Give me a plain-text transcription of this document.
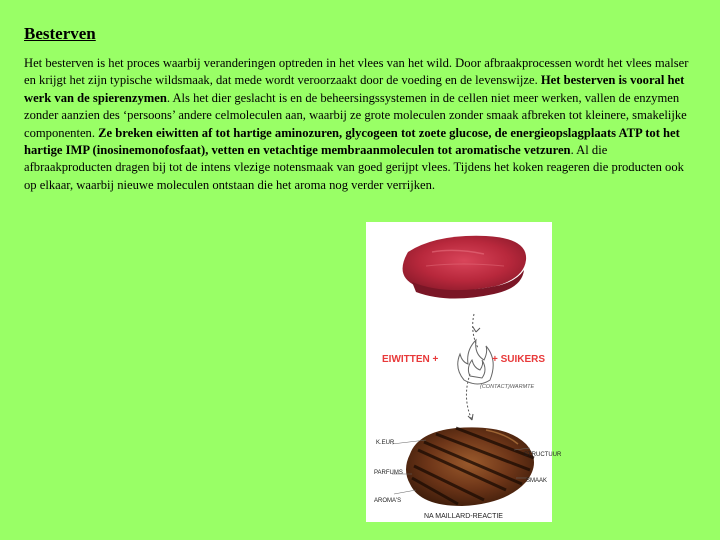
Besterven

Het besterven is het proces waarbij veranderingen optreden in het vlees van het wild. Door afbraakprocessen wordt het vlees malser en krijgt het zijn typische wildsmaak, dat mede wordt veroorzaakt door de voeding en de levenswijze. Het besterven is vooral het werk van de spierenzymen. Als het dier geslacht is en de beheersingssystemen in de cellen niet meer werken, vallen de enzymen zonder aanzien des ‘persoons’ andere celmoleculen aan, waarbij ze grote moleculen zonder smaak afbreken tot kleinere, smakelijke componenten. Ze breken eiwitten af tot hartige aminozuren, glycogeen tot zoete glucose, de energieopslagplaats ATP tot het hartige IMP (inosinemonofosfaat), vetten en vetachtige membraanmoleculen tot aromatische vetzuren. Al die afbraakproducten dragen bij tot de intens vlezige notensmaak van goed gerijpt vlees. Tijdens het koken reageren die producten ook op elkaar, waarbij nieuwe moleculen ontstaan die het aroma nog verder verrijken.

EIWITTEN +	+ SUIKERS
(CONTACT)WARMTE
K.EUR
STRUCTUUR
PARFUMS
SMAAK
AROMA'S
NA MAILLARD-REACTIE
